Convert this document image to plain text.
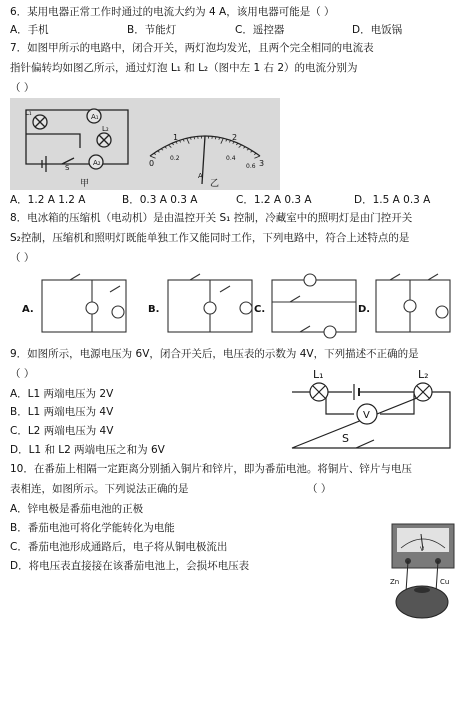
6．某用电器正常工作时通过的电流大约为 4 A，该用电器可能是（ ）
A．手机	B．节能灯	C．遥控器	D．电饭锅
7．如图甲所示的电路中，闭合开关，两灯泡均发光，且两个完全相同的电流表
指针偏转均如图乙所示，通过灯泡 L₁ 和 L₂（图中左 1 右 2）的电流分别为
（ ）
L₁
L₂
A₁
A₂
S
甲
0
1	2
3
0.2	0.4
0.6
A
乙
A．1.2 A 1.2 A	B．0.3 A 0.3 A	C．1.2 A 0.3 A	D．1.5 A 0.3 A
8．电冰箱的压缩机（电动机）是由温控开关 S₁ 控制，冷藏室中的照明灯是由门控开关
S₂控制，压缩机和照明灯既能单独工作又能同时工作，下列电路中，符合上述特点的是
（ ）
A.	B.	C.	D.
9．如图所示，电源电压为 6V，闭合开关后，电压表的示数为 4V，下列描述不正确的是
（ ）
A．L1 两端电压为 2V
B．L1 两端电压为 4V
C．L2 两端电压为 4V
D．L1 和 L2 两端电压之和为 6V
L₁	L₂
V
S
10．在番茄上相隔一定距离分别插入铜片和锌片，即为番茄电池。将铜片、锌片与电压
表相连，如图所示。下列说法正确的是	（ ）
A．锌电极是番茄电池的正极
B．番茄电池可将化学能转化为电能
C．番茄电池形成通路后，电子将从铜电极流出
D．将电压表直接接在该番茄电池上，会损坏电压表
V
Zn	Cu
